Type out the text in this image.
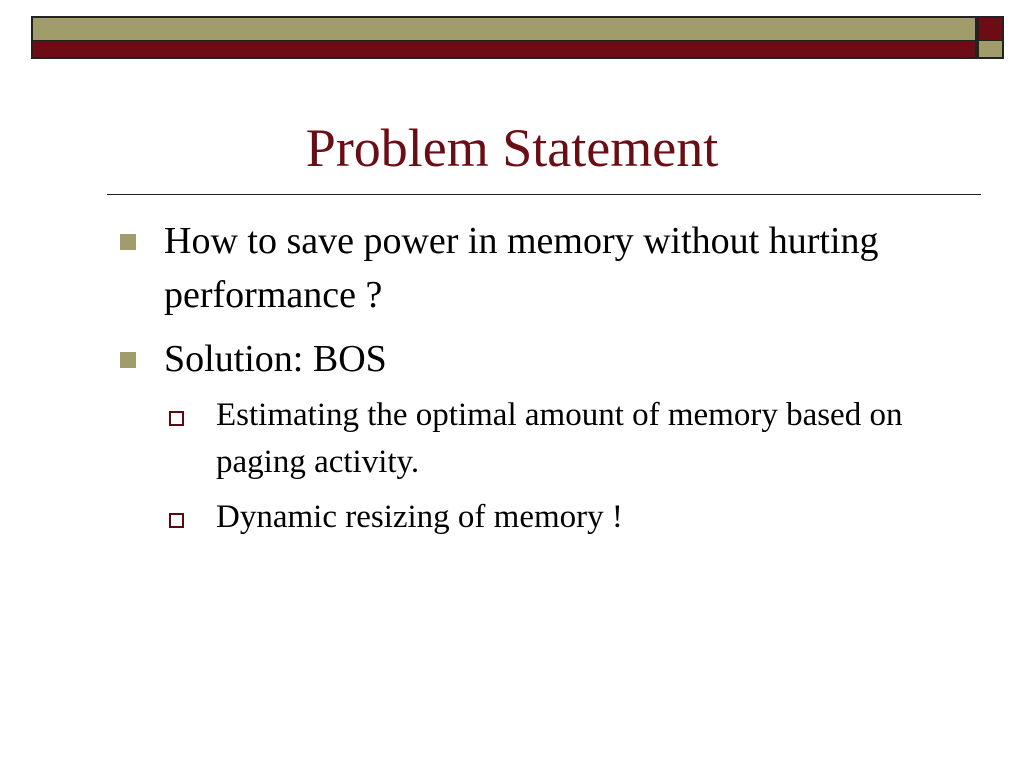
Problem Statement
How to save power in memory without hurting performance ?
Solution: BOS
Estimating the optimal amount of memory based on paging activity.
Dynamic resizing of memory !
